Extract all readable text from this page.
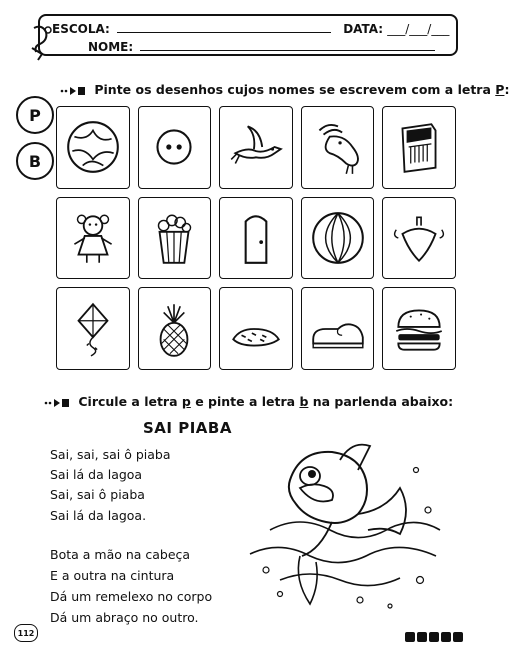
ESCOLA:	DATA: ___/___/___
NOME:
Pinte os desenhos cujos nomes se escrevem com a letra P:
P
B
Circule a letra p e pinte a letra b na parlenda abaixo:
SAI PIABA
Sai, sai, sai ô piaba
Sai lá da lagoa
Sai, sai ô piaba
Sai lá da lagoa.
Bota a mão na cabeça
E a outra na cintura
Dá um remelexo no corpo
Dá um abraço no outro.
112
